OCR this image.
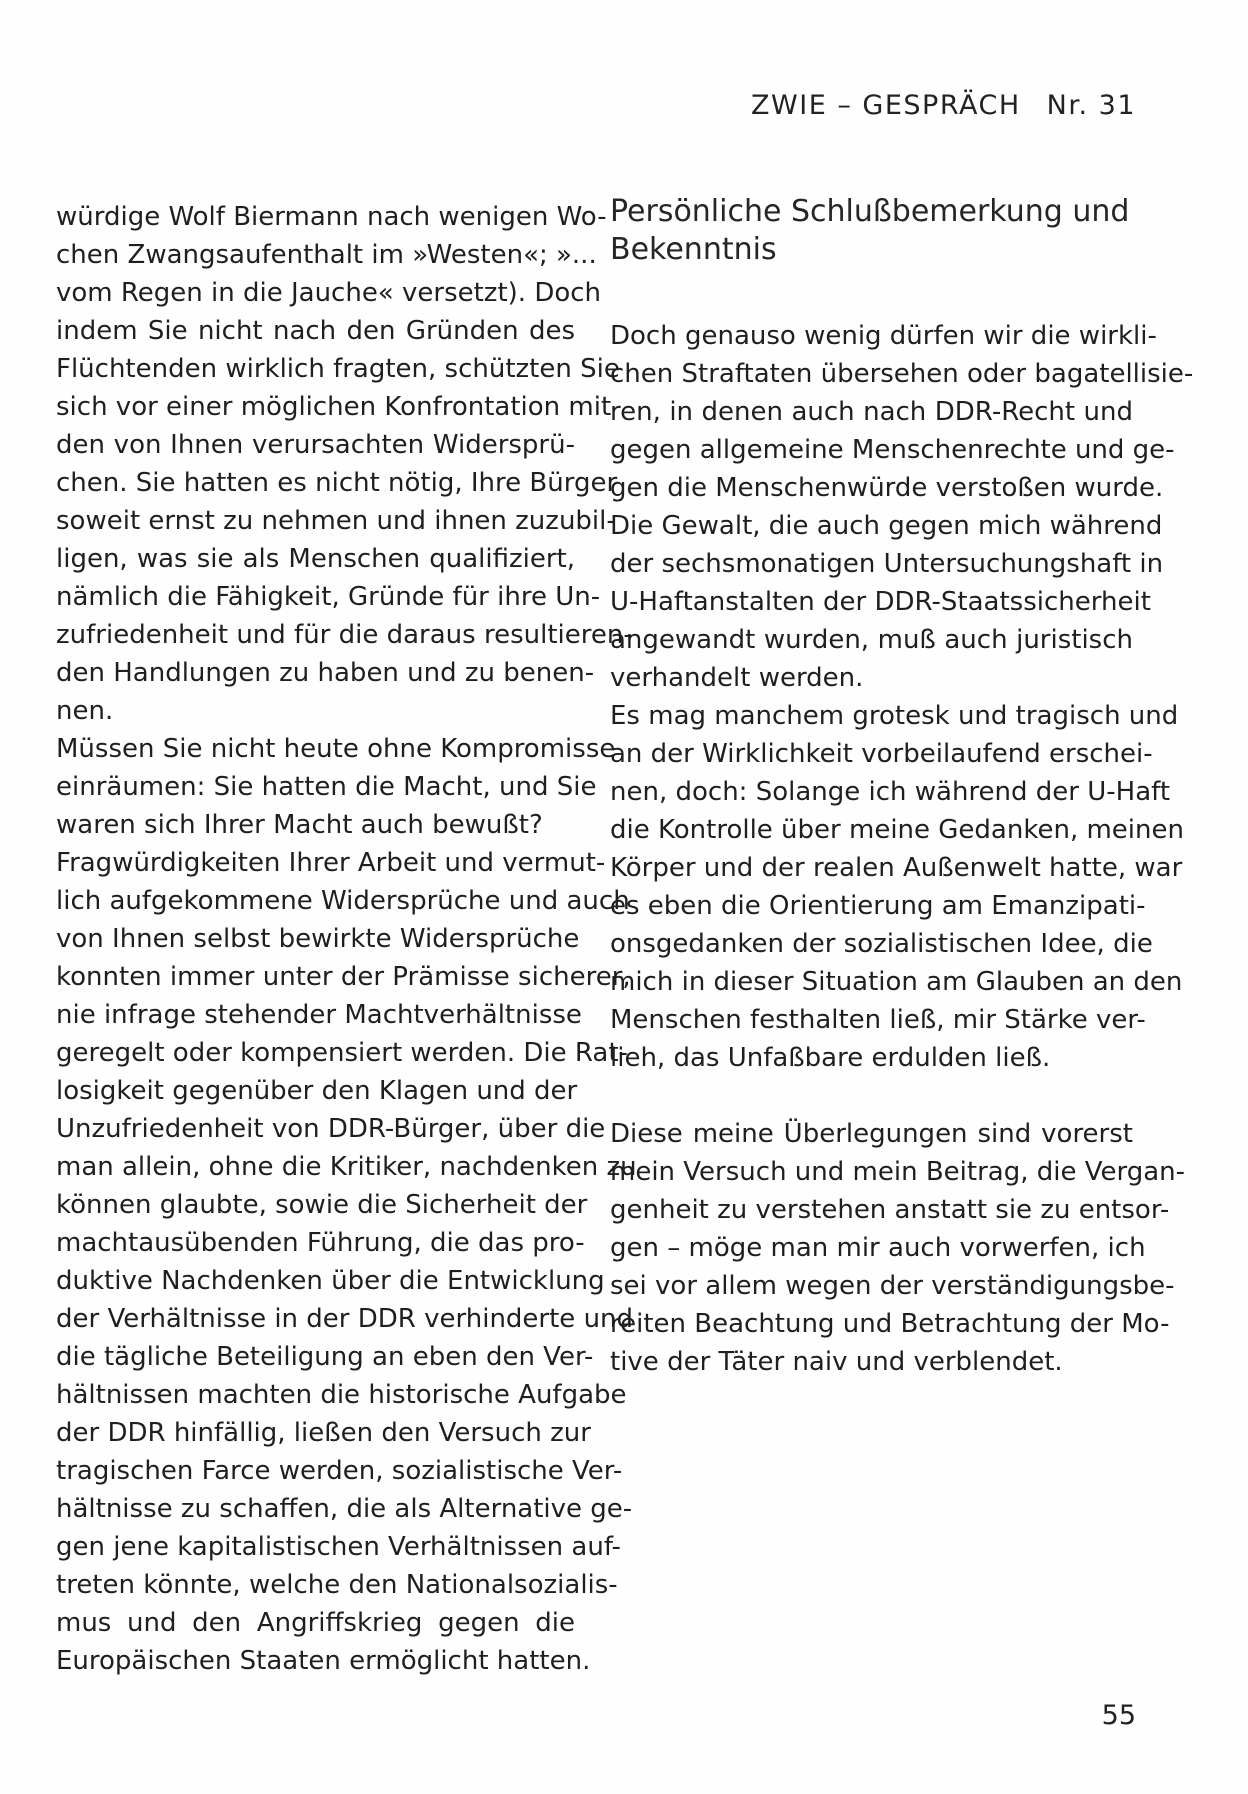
ZWIE – GESPRÄCH Nr. 31
würdige Wolf Biermann nach wenigen Wo-
chen Zwangsaufenthalt im »Westen«; »...
vom Regen in die Jauche« versetzt). Doch
indem Sie nicht nach den Gründen des
Flüchtenden wirklich fragten, schützten Sie
sich vor einer möglichen Konfrontation mit
den von Ihnen verursachten Widersprü-
chen. Sie hatten es nicht nötig, Ihre Bürger
soweit ernst zu nehmen und ihnen zuzubil-
ligen, was sie als Menschen qualifiziert,
nämlich die Fähigkeit, Gründe für ihre Un-
zufriedenheit und für die daraus resultieren-
den Handlungen zu haben und zu benen-
nen.
Müssen Sie nicht heute ohne Kompromisse
einräumen: Sie hatten die Macht, und Sie
waren sich Ihrer Macht auch bewußt?
Fragwürdigkeiten Ihrer Arbeit und vermut-
lich aufgekommene Widersprüche und auch
von Ihnen selbst bewirkte Widersprüche
konnten immer unter der Prämisse sicherer,
nie infrage stehender Machtverhältnisse
geregelt oder kompensiert werden. Die Rat-
losigkeit gegenüber den Klagen und der
Unzufriedenheit von DDR-Bürger, über die
man allein, ohne die Kritiker, nachdenken zu
können glaubte, sowie die Sicherheit der
machtausübenden Führung, die das pro-
duktive Nachdenken über die Entwicklung
der Verhältnisse in der DDR verhinderte und
die tägliche Beteiligung an eben den Ver-
hältnissen machten die historische Aufgabe
der DDR hinfällig, ließen den Versuch zur
tragischen Farce werden, sozialistische Ver-
hältnisse zu schaffen, die als Alternative ge-
gen jene kapitalistischen Verhältnissen auf-
treten könnte, welche den Nationalsozialis-
mus und den Angriffskrieg gegen die
Europäischen Staaten ermöglicht hatten.
Persönliche Schlußbemerkung und
Bekenntnis
Doch genauso wenig dürfen wir die wirkli-
chen Straftaten übersehen oder bagatellisie-
ren, in denen auch nach DDR-Recht und
gegen allgemeine Menschenrechte und ge-
gen die Menschenwürde verstoßen wurde.
Die Gewalt, die auch gegen mich während
der sechsmonatigen Untersuchungshaft in
U-Haftanstalten der DDR-Staatssicherheit
angewandt wurden, muß auch juristisch
verhandelt werden.
Es mag manchem grotesk und tragisch und
an der Wirklichkeit vorbeilaufend erschei-
nen, doch: Solange ich während der U-Haft
die Kontrolle über meine Gedanken, meinen
Körper und der realen Außenwelt hatte, war
es eben die Orientierung am Emanzipati-
onsgedanken der sozialistischen Idee, die
mich in dieser Situation am Glauben an den
Menschen festhalten ließ, mir Stärke ver-
lieh, das Unfaßbare erdulden ließ.
Diese meine Überlegungen sind vorerst
mein Versuch und mein Beitrag, die Vergan-
genheit zu verstehen anstatt sie zu entsor-
gen – möge man mir auch vorwerfen, ich
sei vor allem wegen der verständigungsbe-
reiten Beachtung und Betrachtung der Mo-
tive der Täter naiv und verblendet.
55
